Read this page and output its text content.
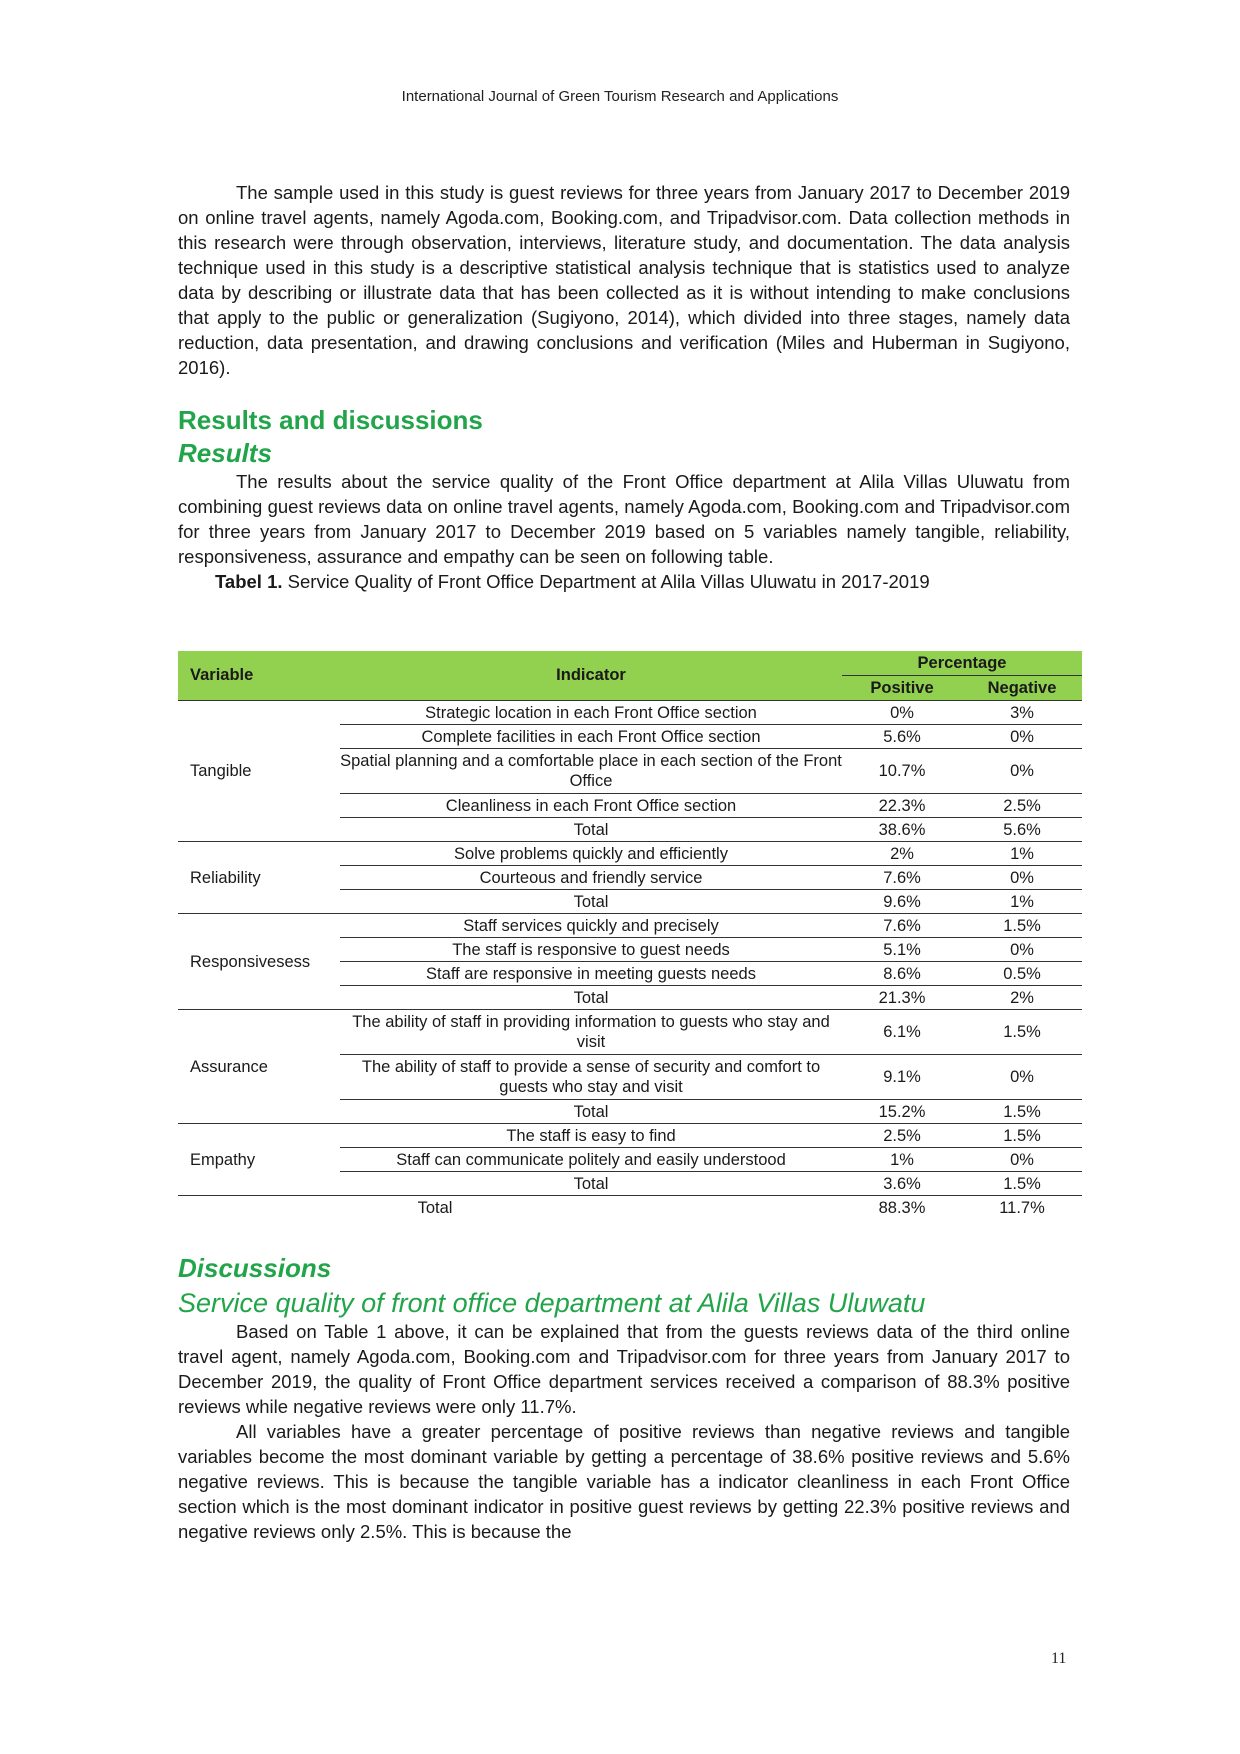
International Journal of Green Tourism Research and Applications

The sample used in this study is guest reviews for three years from January 2017 to December 2019 on online travel agents, namely Agoda.com, Booking.com, and Tripadvisor.com. Data collection methods in this research were through observation, interviews, literature study, and documentation. The data analysis technique used in this study is a descriptive statistical analysis technique that is statistics used to analyze data by describing or illustrate data that has been collected as it is without intending to make conclusions that apply to the public or generalization (Sugiyono, 2014), which divided into three stages, namely data reduction, data presentation, and drawing conclusions and verification (Miles and Huberman in Sugiyono, 2016).

Results and discussions
Results

The results about the service quality of the Front Office department at Alila Villas Uluwatu from combining guest reviews data on online travel agents, namely Agoda.com, Booking.com and Tripadvisor.com for three years from January 2017 to December 2019 based on 5 variables namely tangible, reliability, responsiveness, assurance and empathy can be seen on following table.

Tabel 1. Service Quality of Front Office Department at Alila Villas Uluwatu in 2017-2019
Variable	Indicator	Percentage	
		Positive	Negative
Tangible	Strategic location in each Front Office section	0%	3%
	Complete facilities in each Front Office section	5.6%	0%
	Spatial planning and a comfortable place in each section of the Front Office	10.7%	0%
	Cleanliness in each Front Office section	22.3%	2.5%
	Total	38.6%	5.6%
Reliability	Solve problems quickly and efficiently	2%	1%
	Courteous and friendly service	7.6%	0%
	Total	9.6%	1%
Responsivesess	Staff services quickly and precisely	7.6%	1.5%
	The staff is responsive to guest needs	5.1%	0%
	Staff are responsive in meeting guests needs	8.6%	0.5%
	Total	21.3%	2%
Assurance	The ability of staff in providing information to guests who stay and visit	6.1%	1.5%
	The ability of staff to provide a sense of security and comfort to guests who stay and visit	9.1%	0%
	Total	15.2%	1.5%
Empathy	The staff is easy to find	2.5%	1.5%
	Staff can communicate politely and easily understood	1%	0%
	Total	3.6%	1.5%
Total		88.3%	11.7%
Discussions
Service quality of front office department at Alila Villas Uluwatu

Based on Table 1 above, it can be explained that from the guests reviews data of the third online travel agent, namely Agoda.com, Booking.com and Tripadvisor.com for three years from January 2017 to December 2019, the quality of Front Office department services received a comparison of 88.3% positive reviews while negative reviews were only 11.7%.

All variables have a greater percentage of positive reviews than negative reviews and tangible variables become the most dominant variable by getting a percentage of 38.6% positive reviews and 5.6% negative reviews. This is because the tangible variable has a indicator cleanliness in each Front Office section which is the most dominant indicator in positive guest reviews by getting 22.3% positive reviews and negative reviews only 2.5%. This is because the

11
